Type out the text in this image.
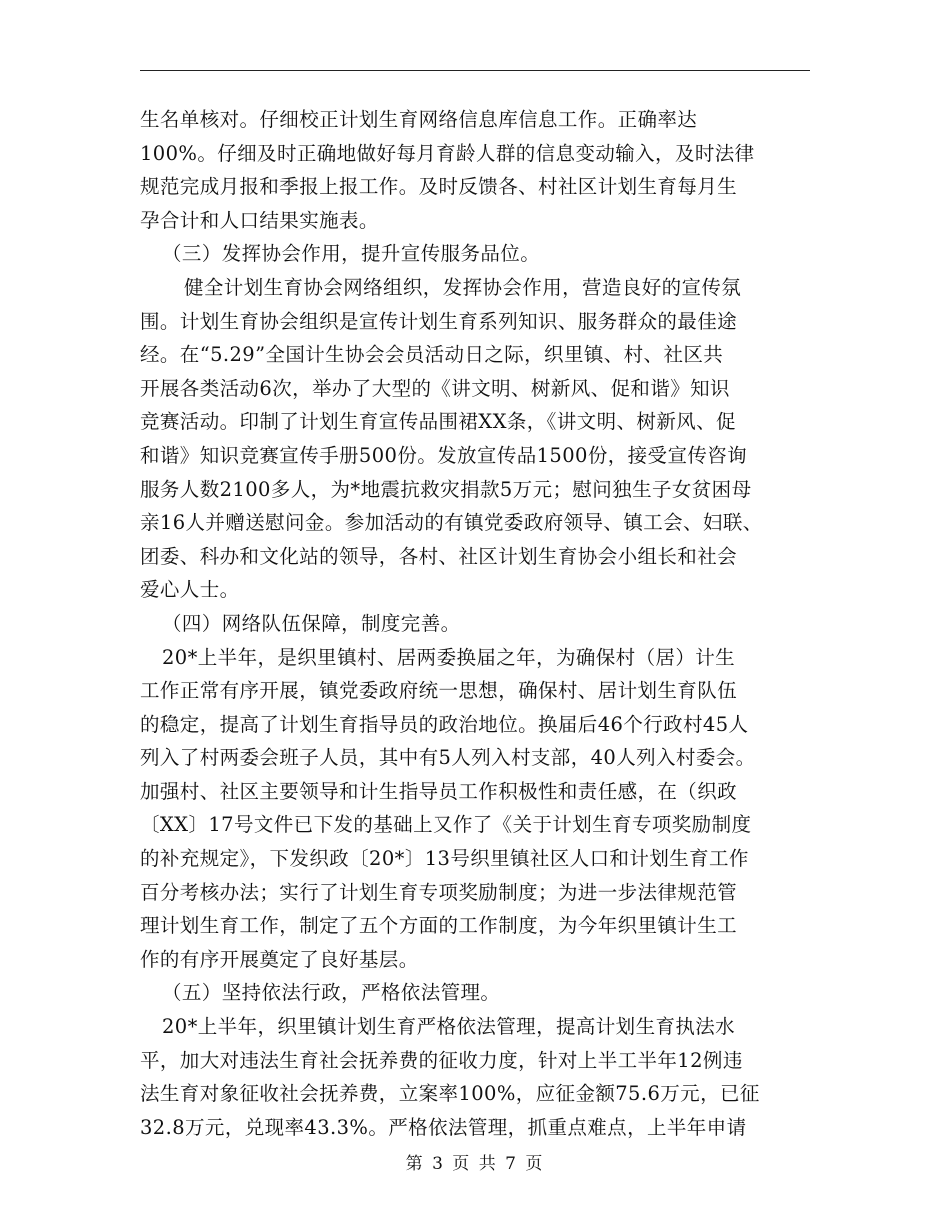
生名单核对。仔细校正计划生育网络信息库信息工作。正确率达
100%。仔细及时正确地做好每月育龄人群的信息变动输入，及时法律
规范完成月报和季报上报工作。及时反馈各、村社区计划生育每月生
孕合计和人口结果实施表。
（三）发挥协会作用，提升宣传服务品位。
健全计划生育协会网络组织，发挥协会作用，营造良好的宣传氛
围。计划生育协会组织是宣传计划生育系列知识、服务群众的最佳途
经。在“5.29”全国计生协会会员活动日之际，织里镇、村、社区共
开展各类活动6次，举办了大型的《讲文明、树新风、促和谐》知识
竞赛活动。印制了计划生育宣传品围裙XX条，《讲文明、树新风、促
和谐》知识竞赛宣传手册500份。发放宣传品1500份，接受宣传咨询
服务人数2100多人，为*地震抗救灾捐款5万元；慰问独生子女贫困母
亲16人并赠送慰问金。参加活动的有镇党委政府领导、镇工会、妇联、
团委、科办和文化站的领导，各村、社区计划生育协会小组长和社会
爱心人士。
（四）网络队伍保障，制度完善。
20*上半年，是织里镇村、居两委换届之年，为确保村（居）计生
工作正常有序开展，镇党委政府统一思想，确保村、居计划生育队伍
的稳定，提高了计划生育指导员的政治地位。换届后46个行政村45人
列入了村两委会班子人员，其中有5人列入村支部，40人列入村委会。
加强村、社区主要领导和计生指导员工作积极性和责任感，在（织政
〔XX〕17号文件已下发的基础上又作了《关于计划生育专项奖励制度
的补充规定》，下发织政〔20*〕13号织里镇社区人口和计划生育工作
百分考核办法；实行了计划生育专项奖励制度；为进一步法律规范管
理计划生育工作，制定了五个方面的工作制度，为今年织里镇计生工
作的有序开展奠定了良好基层。
（五）坚持依法行政，严格依法管理。
20*上半年，织里镇计划生育严格依法管理，提高计划生育执法水
平，加大对违法生育社会抚养费的征收力度，针对上半工半年12例违
法生育对象征收社会抚养费，立案率100%，应征金额75.6万元，已征
32.8万元，兑现率43.3%。严格依法管理，抓重点难点，上半年申请
第 3 页 共 7 页
